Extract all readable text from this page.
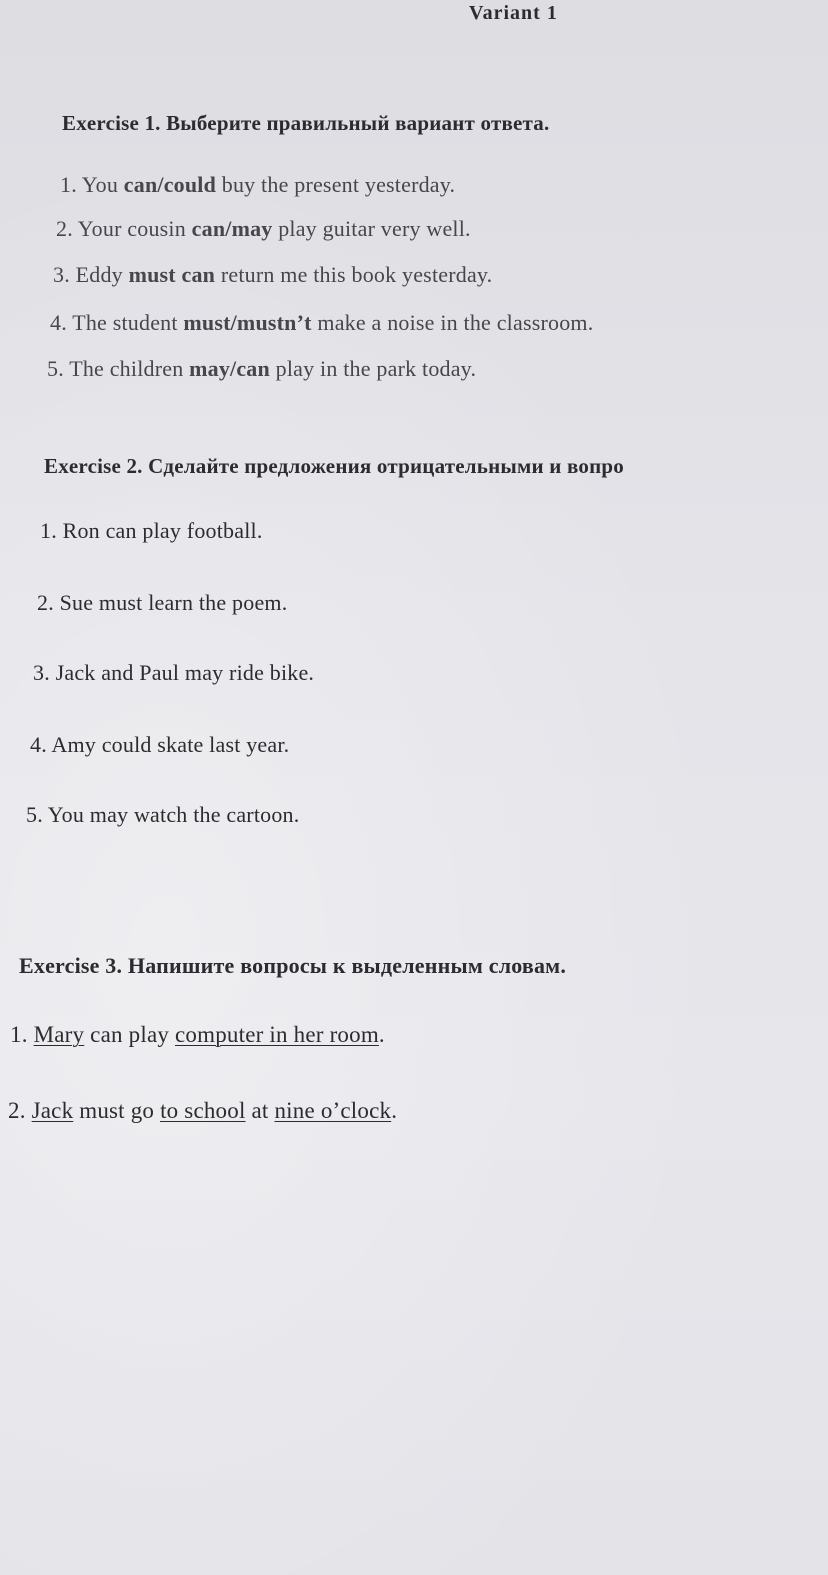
Variant 1
Exercise 1. Выберите правильный вариант ответа.
1. You can/could buy the present yesterday.
2. Your cousin can/may play guitar very well.
3. Eddy must can return me this book yesterday.
4. The student must/mustn’t make a noise in the classroom.
5. The children may/can play in the park today.
Exercise 2. Сделайте предложения отрицательными и вопро
1. Ron can play football.
2. Sue must learn the poem.
3. Jack and Paul may ride bike.
4. Amy could skate last year.
5. You may watch the cartoon.
Exercise 3. Напишите вопросы к выделенным словам.
1. Mary can play computer in her room.
2. Jack must go to school at nine o’clock.
